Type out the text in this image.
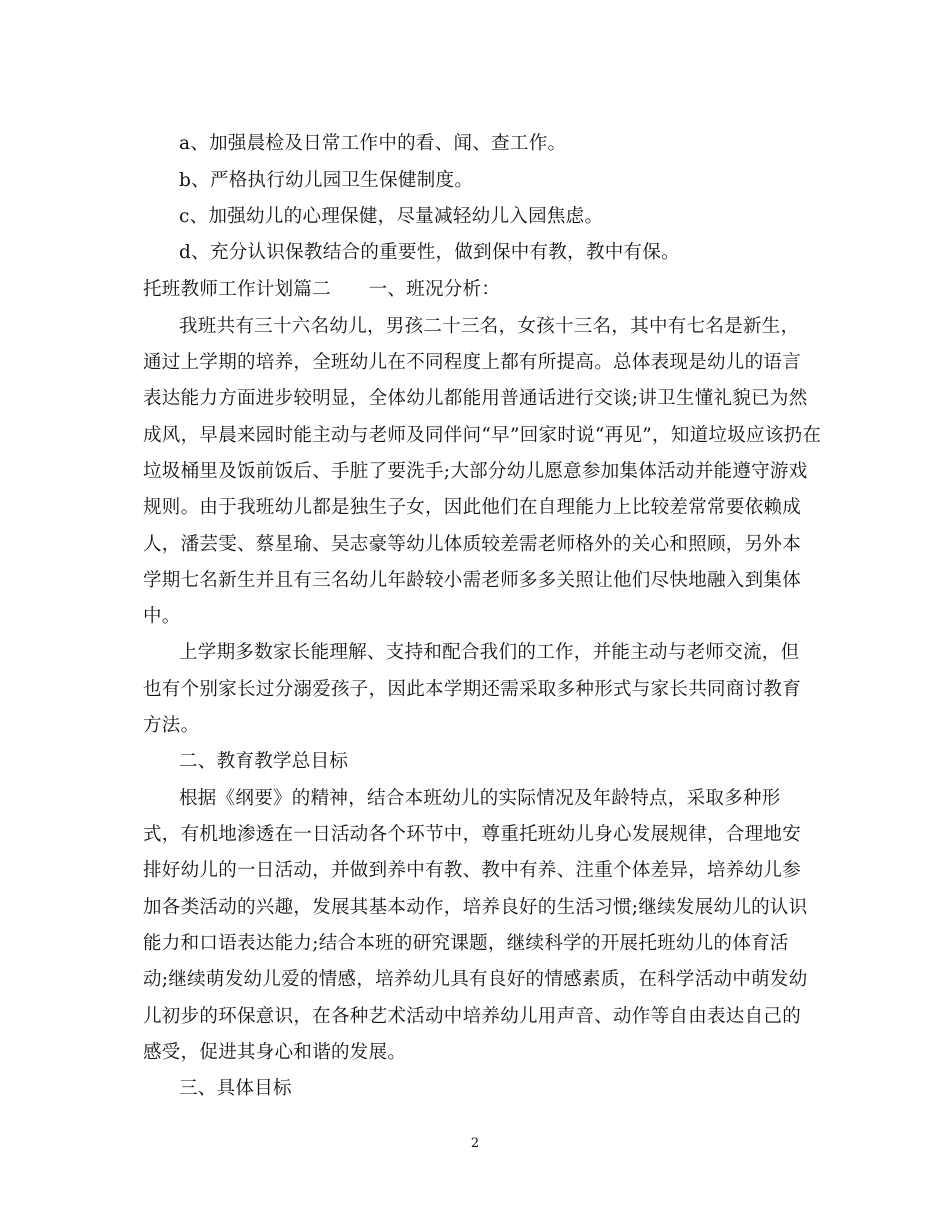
a、加强晨检及日常工作中的看、闻、查工作。
b、严格执行幼儿园卫生保健制度。
c、加强幼儿的心理保健，尽量减轻幼儿入园焦虑。
d、充分认识保教结合的重要性，做到保中有教，教中有保。
托班教师工作计划篇二　　一、班况分析：
我班共有三十六名幼儿，男孩二十三名，女孩十三名，其中有七名是新生，
通过上学期的培养，全班幼儿在不同程度上都有所提高。总体表现是幼儿的语言
表达能力方面进步较明显，全体幼儿都能用普通话进行交谈;讲卫生懂礼貌已为然
成风，早晨来园时能主动与老师及同伴问“早”回家时说“再见”，知道垃圾应该扔在
垃圾桶里及饭前饭后、手脏了要洗手;大部分幼儿愿意参加集体活动并能遵守游戏
规则。由于我班幼儿都是独生子女，因此他们在自理能力上比较差常常要依赖成
人，潘芸雯、蔡星瑜、吴志豪等幼儿体质较差需老师格外的关心和照顾，另外本
学期七名新生并且有三名幼儿年龄较小需老师多多关照让他们尽快地融入到集体
中。
上学期多数家长能理解、支持和配合我们的工作，并能主动与老师交流，但
也有个别家长过分溺爱孩子，因此本学期还需采取多种形式与家长共同商讨教育
方法。
二、教育教学总目标
根据《纲要》的精神，结合本班幼儿的实际情况及年龄特点，采取多种形
式，有机地渗透在一日活动各个环节中，尊重托班幼儿身心发展规律，合理地安
排好幼儿的一日活动，并做到养中有教、教中有养、注重个体差异，培养幼儿参
加各类活动的兴趣，发展其基本动作，培养良好的生活习惯;继续发展幼儿的认识
能力和口语表达能力;结合本班的研究课题，继续科学的开展托班幼儿的体育活
动;继续萌发幼儿爱的情感，培养幼儿具有良好的情感素质，在科学活动中萌发幼
儿初步的环保意识，在各种艺术活动中培养幼儿用声音、动作等自由表达自己的
感受，促进其身心和谐的发展。
三、具体目标
2
